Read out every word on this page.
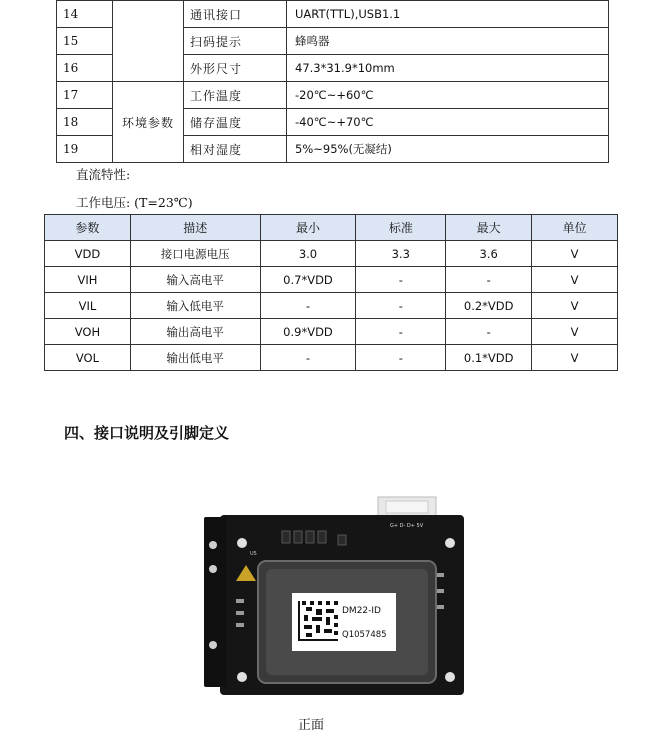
14		通讯接口	UART(TTL),USB1.1
15		扫码提示	蜂鸣器
16		外形尺寸	47.3*31.9*10mm
17	环境参数	工作温度	-20℃~+60℃
18		储存温度	-40℃~+70℃
19		相对湿度	5%~95%(无凝结)
直流特性:
工作电压: (T=23℃)
参数	描述	最小	标准	最大	单位
VDD	接口电源电压	3.0	3.3	3.6	V
VIH	输入高电平	0.7*VDD	-	-	V
VIL	输入低电平	-	-	0.2*VDD	V
VOH	输出高电平	0.9*VDD	-	-	V
VOL	输出低电平	-	-	0.1*VDD	V
四、接口说明及引脚定义
G+ D- D+ 5V
U5
DM22-ID
Q1057485
正面
